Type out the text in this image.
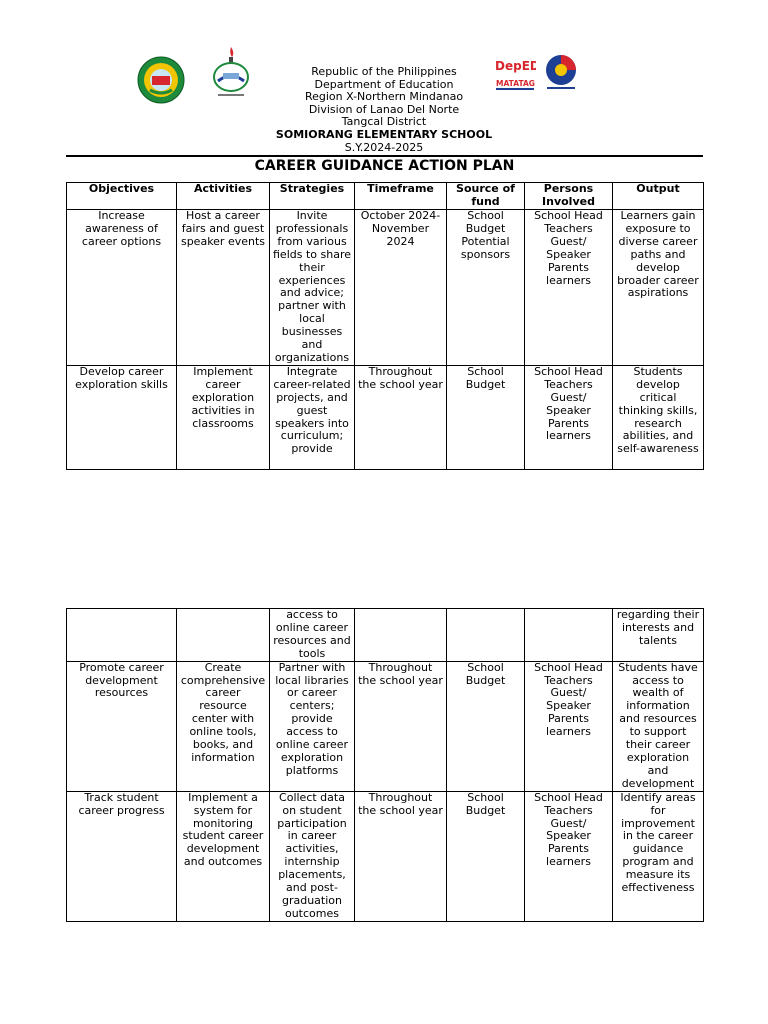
DepED
MATATAG
Republic of the Philippines
Department of Education
Region X-Northern Mindanao
Division of Lanao Del Norte
Tangcal District
SOMIORANG ELEMENTARY SCHOOL
S.Y.2024-2025
CAREER GUIDANCE ACTION PLAN
Objectives	Activities	Strategies	Timeframe	Source of fund	Persons Involved	Output
Increase awareness of career options	Host a career fairs and guest speaker events	Invite professionals from various fields to share their experiences and advice; partner with local businesses and organizations	October 2024-November 2024	School Budget Potential sponsors	School Head Teachers Guest/ Speaker Parents learners	Learners gain exposure to diverse career paths and develop broader career aspirations
Develop career exploration skills	Implement career exploration activities in classrooms	Integrate career-related projects, and guest speakers into curriculum; provide	Throughout the school year	School Budget	School Head Teachers Guest/ Speaker Parents learners	Students develop critical thinking skills, research abilities, and self-awareness
		access to online career resources and tools				regarding their interests and talents
Promote career development resources	Create comprehensive career resource center with online tools, books, and information	Partner with local libraries or career centers; provide access to online career exploration platforms	Throughout the school year	School Budget	School Head Teachers Guest/ Speaker Parents learners	Students have access to wealth of information and resources to support their career exploration and development
Track student career progress	Implement a system for monitoring student career development and outcomes	Collect data on student participation in career activities, internship placements, and post-graduation outcomes	Throughout the school year	School Budget	School Head Teachers Guest/ Speaker Parents learners	Identify areas for improvement in the career guidance program and measure its effectiveness
